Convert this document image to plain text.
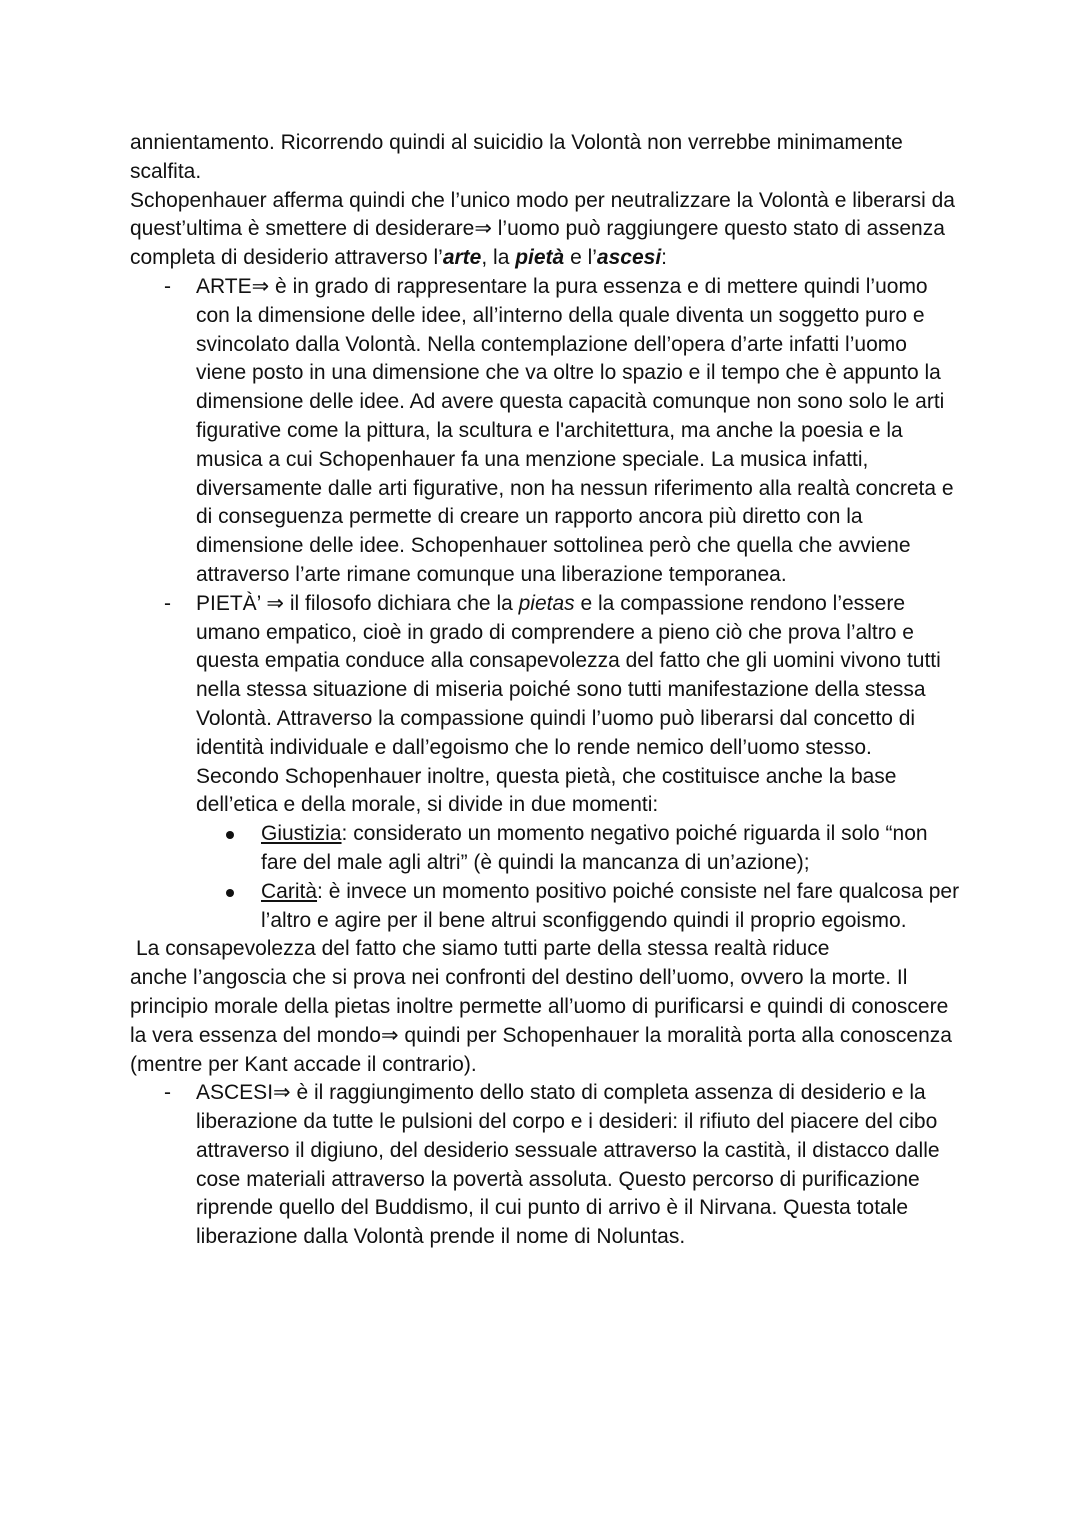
annientamento. Ricorrendo quindi al suicidio la Volontà non verrebbe minimamente scalfita.

Schopenhauer afferma quindi che l’unico modo per neutralizzare la Volontà e liberarsi da quest’ultima è smettere di desiderare⇒ l’uomo può raggiungere questo stato di assenza completa di desiderio attraverso l’arte, la pietà e l’ascesi:

- ARTE⇒ è in grado di rappresentare la pura essenza e di mettere quindi l’uomo con la dimensione delle idee, all’interno della quale diventa un soggetto puro e svincolato dalla Volontà. Nella contemplazione dell’opera d’arte infatti l’uomo viene posto in una dimensione che va oltre lo spazio e il tempo che è appunto la dimensione delle idee. Ad avere questa capacità comunque non sono solo le arti figurative come la pittura, la scultura e l'architettura, ma anche la poesia e la musica a cui Schopenhauer fa una menzione speciale. La musica infatti, diversamente dalle arti figurative, non ha nessun riferimento alla realtà concreta e di conseguenza permette di creare un rapporto ancora più diretto con la dimensione delle idee. Schopenhauer sottolinea però che quella che avviene attraverso l’arte rimane comunque una liberazione temporanea.

- PIETÀ’ ⇒ il filosofo dichiara che la pietas e la compassione rendono l’essere umano empatico, cioè in grado di comprendere a pieno ciò che prova l’altro e questa empatia conduce alla consapevolezza del fatto che gli uomini vivono tutti nella stessa situazione di miseria poiché sono tutti manifestazione della stessa Volontà. Attraverso la compassione quindi l’uomo può liberarsi dal concetto di identità individuale e dall’egoismo che lo rende nemico dell’uomo stesso. Secondo Schopenhauer inoltre, questa pietà, che costituisce anche la base dell’etica e della morale, si divide in due momenti:

Giustizia: considerato un momento negativo poiché riguarda il solo “non fare del male agli altri” (è quindi la mancanza di un’azione);
Carità: è invece un momento positivo poiché consiste nel fare qualcosa per l’altro e agire per il bene altrui sconfiggendo quindi il proprio egoismo.

La consapevolezza del fatto che siamo tutti parte della stessa realtà riduce
anche l’angoscia che si prova nei confronti del destino dell’uomo, ovvero la morte. Il principio morale della pietas inoltre permette all’uomo di purificarsi e quindi di conoscere la vera essenza del mondo⇒ quindi per Schopenhauer la moralità porta alla conoscenza (mentre per Kant accade il contrario).

- ASCESI⇒ è il raggiungimento dello stato di completa assenza di desiderio e la liberazione da tutte le pulsioni del corpo e i desideri: il rifiuto del piacere del cibo attraverso il digiuno, del desiderio sessuale attraverso la castità, il distacco dalle cose materiali attraverso la povertà assoluta. Questo percorso di purificazione riprende quello del Buddismo, il cui punto di arrivo è il Nirvana. Questa totale liberazione dalla Volontà prende il nome di Noluntas.
